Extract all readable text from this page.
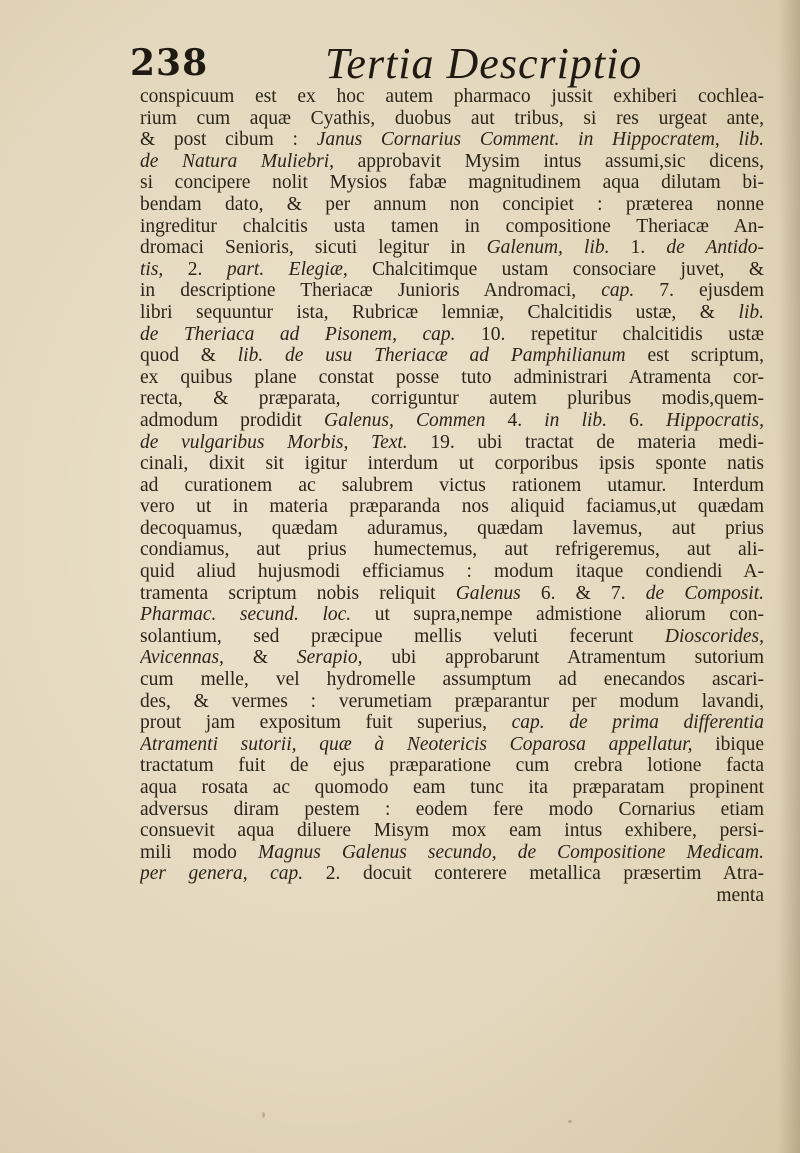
238	Tertia Descriptio
conspicuum est ex hoc autem pharmaco jussit exhiberi cochlea-
rium cum aquæ Cyathis, duobus aut tribus, si res urgeat ante,
& post cibum : Janus Cornarius Comment. in Hippocratem, lib.
de Natura Muliebri, approbavit Mysim intus assumi,sic dicens,
si concipere nolit Mysios fabæ magnitudinem aqua dilutam bi-
bendam dato, & per annum non concipiet : præterea nonne
ingreditur chalcitis usta tamen in compositione Theriacæ An-
dromaci Senioris, sicuti legitur in Galenum, lib. 1. de Antido-
tis, 2. part. Elegiæ, Chalcitimque ustam consociare juvet, &
in descriptione Theriacæ Junioris Andromaci, cap. 7. ejusdem
libri sequuntur ista, Rubricæ lemniæ, Chalcitidis ustæ, & lib.
de Theriaca ad Pisonem, cap. 10. repetitur chalcitidis ustæ
quod & lib. de usu Theriacæ ad Pamphilianum est scriptum,
ex quibus plane constat posse tuto administrari Atramenta cor-
recta, & præparata, corriguntur autem pluribus modis,quem-
admodum prodidit Galenus, Commen 4. in lib. 6. Hippocratis,
de vulgaribus Morbis, Text. 19. ubi tractat de materia medi-
cinali, dixit sit igitur interdum ut corporibus ipsis sponte natis
ad curationem ac salubrem victus rationem utamur. Interdum
vero ut in materia præparanda nos aliquid faciamus,ut quædam
decoquamus, quædam aduramus, quædam lavemus, aut prius
condiamus, aut prius humectemus, aut refrigeremus, aut ali-
quid aliud hujusmodi efficiamus : modum itaque condiendi A-
tramenta scriptum nobis reliquit Galenus 6. & 7. de Composit.
Pharmac. secund. loc. ut supra,nempe admistione aliorum con-
solantium, sed præcipue mellis veluti fecerunt Dioscorides,
Avicennas, & Serapio, ubi approbarunt Atramentum sutorium
cum melle, vel hydromelle assumptum ad enecandos ascari-
des, & vermes : verumetiam præparantur per modum lavandi,
prout jam expositum fuit superius, cap. de prima differentia
Atramenti sutorii, quæ à Neotericis Coparosa appellatur, ibique
tractatum fuit de ejus præparatione cum crebra lotione facta
aqua rosata ac quomodo eam tunc ita præparatam propinent
adversus diram pestem : eodem fere modo Cornarius etiam
consuevit aqua diluere Misym mox eam intus exhibere, persi-
mili modo Magnus Galenus secundo, de Compositione Medicam.
per genera, cap. 2. docuit conterere metallica præsertim Atra-
menta
